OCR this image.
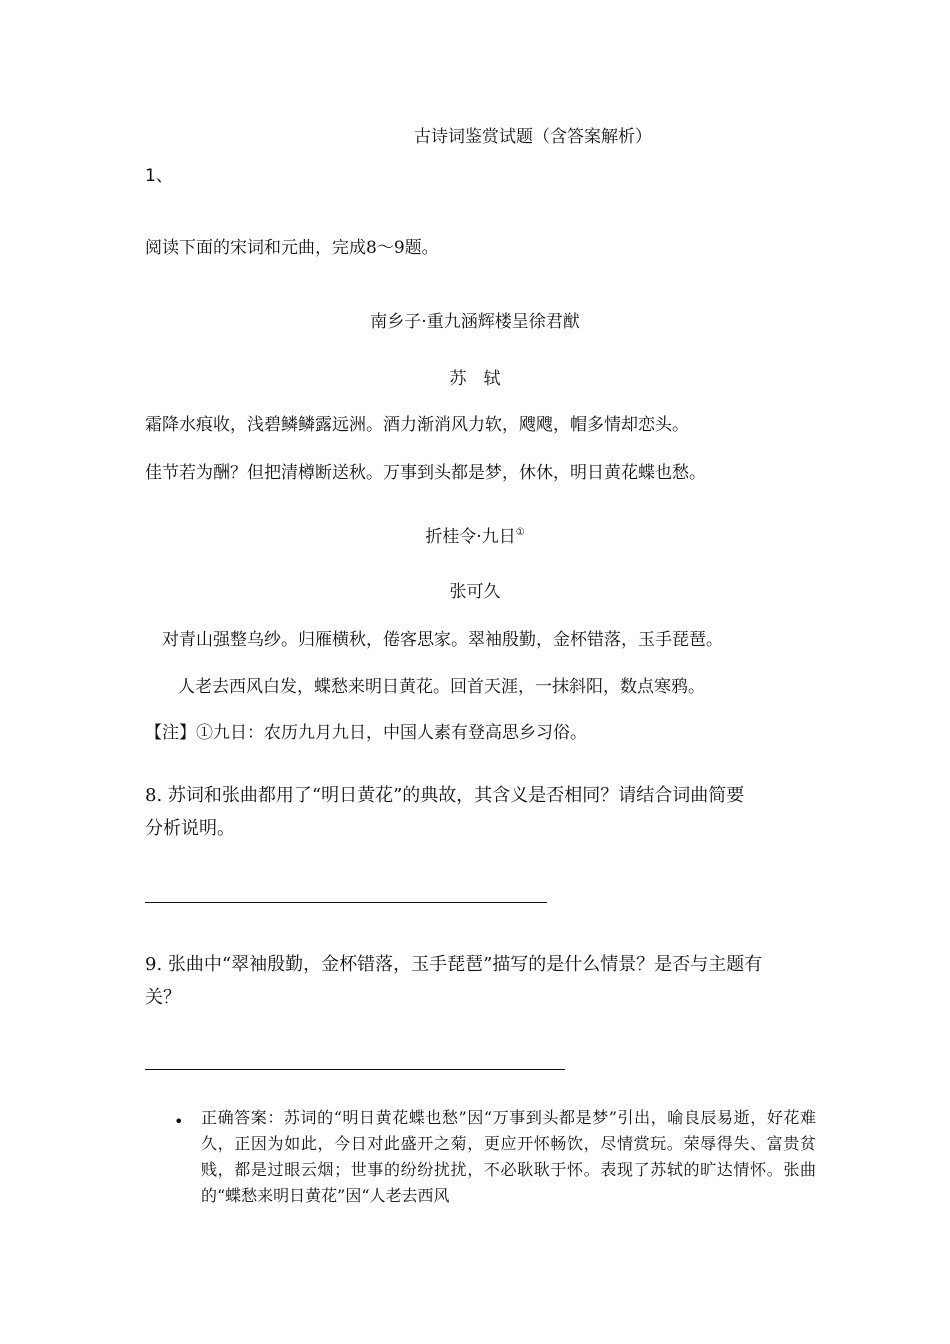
古诗词鉴赏试题（含答案解析）
1、
阅读下面的宋词和元曲，完成8～9题。
南乡子·重九涵辉楼呈徐君猷
苏　轼
霜降水痕收，浅碧鳞鳞露远洲。酒力渐消风力软，飕飕，帽多情却恋头。
佳节若为酬？但把清樽断送秋。万事到头都是梦，休休，明日黄花蝶也愁。
折桂令·九日①
张可久
对青山强整乌纱。归雁横秋，倦客思家。翠袖殷勤，金杯错落，玉手琵琶。
人老去西风白发，蝶愁来明日黄花。回首天涯，一抹斜阳，数点寒鸦。
【注】①九日：农历九月九日，中国人素有登高思乡习俗。
8. 苏词和张曲都用了“明日黄花”的典故，其含义是否相同？请结合词曲简要
分析说明。
9. 张曲中“翠袖殷勤，金杯错落，玉手琵琶”描写的是什么情景？是否与主题有
关？
• 正确答案：苏词的“明日黄花蝶也愁”因“万事到头都是梦”引出，喻良辰易逝，好花难久，正因为如此，今日对此盛开之菊，更应开怀畅饮，尽情赏玩。荣辱得失、富贵贫贱，都是过眼云烟；世事的纷纷扰扰，不必耿耿于怀。表现了苏轼的旷达情怀。张曲的“蝶愁来明日黄花”因“人老去西风
